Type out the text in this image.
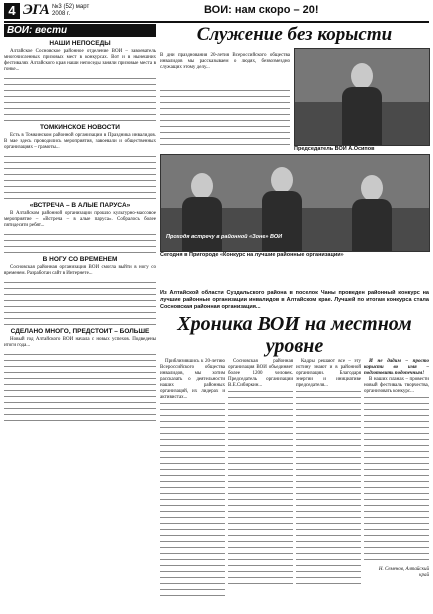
4 ЭГА №3 (52) март 2008 г.	ВОИ: нам скоро – 20!
ВОИ: вести
НАШИ НЕПОСЕДЫ

Алтайское Сосновское районное отделение ВОИ – завоеватель многочисленных призовых мест в конкурсах. Вот и в нынешних фестивалях Алтайского края наши непоседы заняли призовые места в гонке...

ТОМКИНСКОЕ НОВОСТИ

Есть в Томкинском районной организации в Праздника инвалидов. В мае здесь проводились мероприятия, завоевали и общественных организациях – грамоты...

«ВСТРЕЧА – В АЛЫЕ ПАРУСА»

В Алтайском районной организации прошло культурно-массовое мероприятие – «Встреча – в алые паруса». Собралось более пятидесяти ребят...

В НОГУ СО ВРЕМЕНЕМ

Сосновская районная организация ВОИ смогла выйти в ногу со временем. Разработан сайт в Интернете...

СДЕЛАНО МНОГО, ПРЕДСТОИТ – БОЛЬШЕ

Новый год Алтайского ВОИ начала с новых успехов. Подведены итоги года...

Служение без корысти

В дни празднования 20-летия Всероссийского общества инвалидов мы рассказываем о людях, безвозмездно служащих этому делу...

Председатель ВОИ А.Осипов
Проходя встречу в районной «Зоне» ВОИ
Сегодня в Пригороде «Конкурс на лучшие районные организации»

Из Алтайской области Суздальского района в поселок Чаны проведен районный конкурс на лучшие районные организации инвалидов в Алтайском крае. Лучшей по итогам конкурса стала Сосновская районная организация...

Хроника ВОИ на местном уровне

Приблизившись к 20-летию Всероссийского общества инвалидов, мы хотим рассказать о деятельности наших районных организаций, их лидерах и активистах...

Сосновская районная организация ВОИ объединяет более 1200 человек. Председатель организации В.Е.Сибиркин...

Кадры решают все – эту истину знают и в районной организации. Благодаря энергии и инициативе председателя...

И не дадим – просто корысти во имя – подготовить подопечным!

В наших планах – провести новый фестиваль творчества, организовать конкурс...

Н. Семенов, Алтайский край
